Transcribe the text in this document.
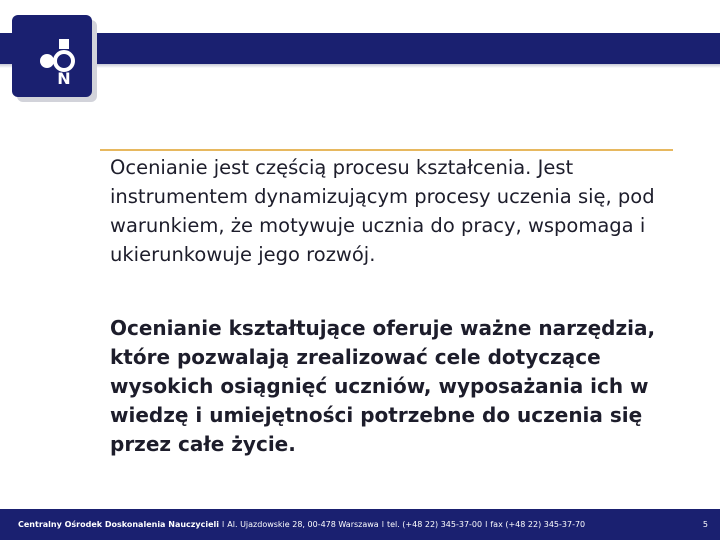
N

Ocenianie jest częścią procesu kształcenia. Jest instrumentem dynamizującym procesy uczenia się, pod warunkiem, że motywuje ucznia do pracy, wspomaga i ukierunkowuje jego rozwój.

Ocenianie kształtujące oferuje ważne narzędzia, które pozwalają zrealizować cele dotyczące wysokich osiągnięć uczniów, wyposażania ich w wiedzę i umiejętności potrzebne do uczenia się przez całe życie.

Centralny Ośrodek Doskonalenia Nauczycieli l Al. Ujazdowskie 28, 00-478 Warszawa l tel. (+48 22) 345-37-00 l fax (+48 22) 345-37-70	5
